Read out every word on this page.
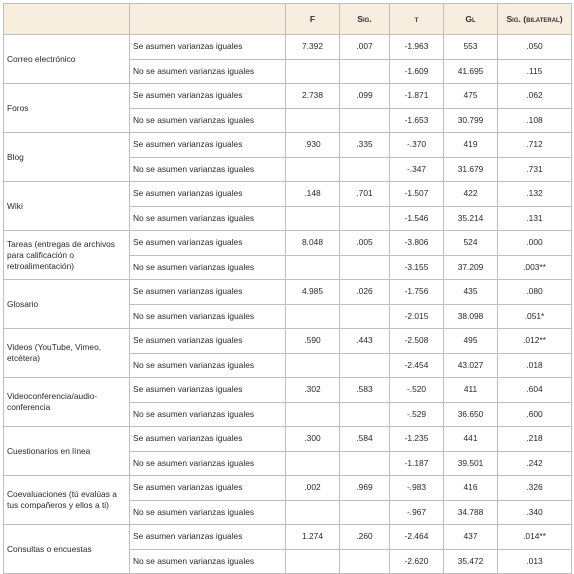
		F	Sig.	t	Gl	Sig. (bilateral)
Correo electrónico	Se asumen varianzas iguales	7.392	.007	-1.963	553	.050
	No se asumen varianzas iguales			-1.609	41.695	.115
Foros	Se asumen varianzas iguales	2.738	.099	-1.871	475	.062
	No se asumen varianzas iguales			-1.653	30.799	.108
Blog	Se asumen varianzas iguales	.930	.335	-.370	419	.712
	No se asumen varianzas iguales			-.347	31.679	.731
Wiki	Se asumen varianzas iguales	.148	.701	-1.507	422	.132
	No se asumen varianzas iguales			-1.546	35.214	.131
Tareas (entregas de archivos para calificación o retroalimentación)	Se asumen varianzas iguales	8.048	.005	-3.806	524	.000
	No se asumen varianzas iguales			-3.155	37.209	.003**
Glosario	Se asumen varianzas iguales	4.985	.026	-1.756	435	.080
	No se asumen varianzas iguales			-2.015	38.098	.051*
Videos (YouTube, Vimeo, etcétera)	Se asumen varianzas iguales	.590	.443	-2.508	495	.012**
	No se asumen varianzas iguales			-2.454	43.027	.018
Videoconferencia/audio-conferencia	Se asumen varianzas iguales	.302	.583	-.520	411	.604
	No se asumen varianzas iguales			-.529	36.650	.600
Cuestionarios en línea	Se asumen varianzas iguales	.300	.584	-1.235	441	.218
	No se asumen varianzas iguales			-1.187	39.501	.242
Coevaluaciones (tú evalúas a tus compañeros y ellos a ti)	Se asumen varianzas iguales	.002	.969	-.983	416	.326
	No se asumen varianzas iguales			-.967	34.788	.340
Consultas o encuestas	Se asumen varianzas iguales	1.274	.260	-2.464	437	.014**
	No se asumen varianzas iguales			-2.620	35.472	.013
